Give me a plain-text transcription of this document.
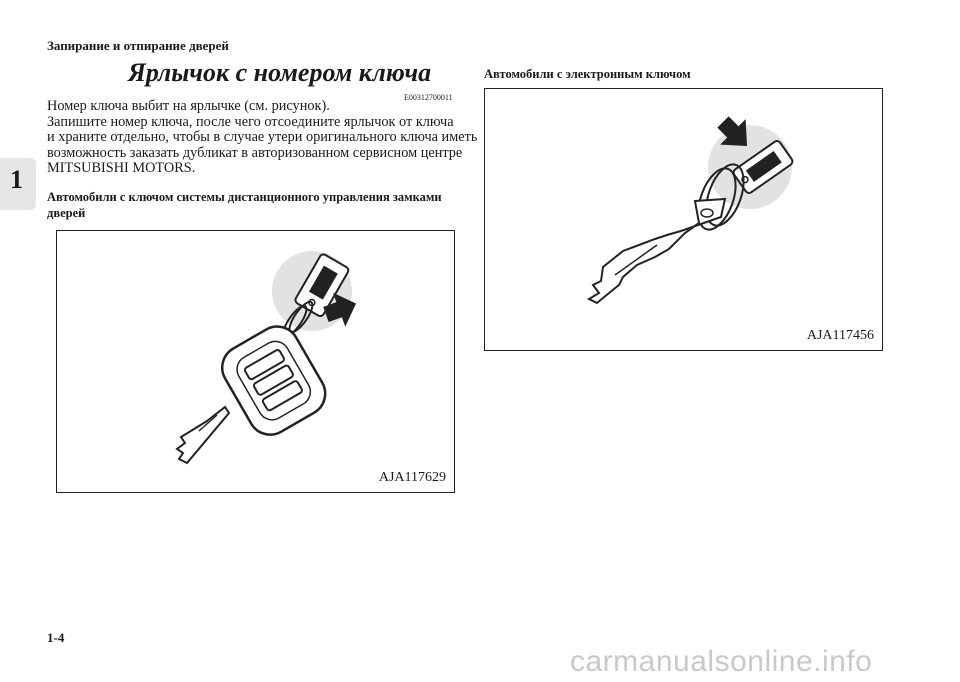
Запирание и отпирание дверей
1
Ярлычок с номером ключа
E00312700011

Номер ключа выбит на ярлычке (см. рисунок).

Запишите номер ключа, после чего отсоедините ярлычок от ключа

и храните отдельно, чтобы в случае утери оригинального ключа иметь

возможность заказать дубликат в авторизованном сервисном центре

MITSUBISHI MOTORS.

Автомобили с ключом системы дистанционного управления замками дверей
Автомобили с электронным ключом
AJA117629
AJA117456
1-4
carmanualsonline.info
